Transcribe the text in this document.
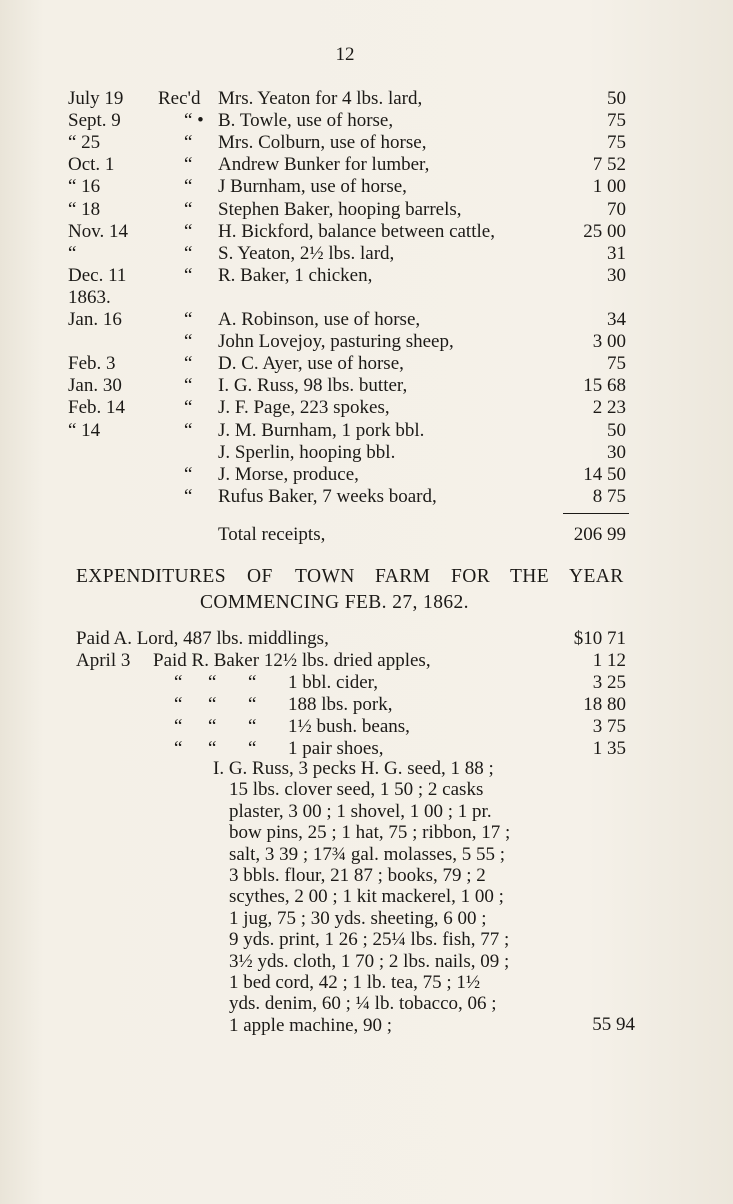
12
July 19 Rec'd Mrs. Yeaton for 4 lbs. lard,	50
Sept. 9	“ • B. Towle, use of horse,	75
“ 25	“ Mrs. Colburn, use of horse,	75
Oct. 1	“ Andrew Bunker for lumber,	7 52
“ 16	“ J Burnham, use of horse,	1 00
“ 18	“ Stephen Baker, hooping barrels,	70
Nov. 14	“ H. Bickford, balance between cattle,	25 00
“	“ S. Yeaton, 2½ lbs. lard,	31
Dec. 11	“ R. Baker, 1 chicken,	30
1863.
Jan. 16	“ A. Robinson, use of horse,	34
“ John Lovejoy, pasturing sheep,	3 00
Feb. 3	“ D. C. Ayer, use of horse,	75
Jan. 30	“ I. G. Russ, 98 lbs. butter,	15 68
Feb. 14	“ J. F. Page, 223 spokes,	2 23
“ 14	“ J. M. Burnham, 1 pork bbl.	50
J. Sperlin, hooping bbl.	30
“ J. Morse, produce,	14 50
“ Rufus Baker, 7 weeks board,	8 75
Total receipts,	206 99
EXPENDITURES OF TOWN FARM FOR THE YEAR
COMMENCING FEB. 27, 1862.
Paid A. Lord, 487 lbs. middlings,	$10 71
April 3 Paid R. Baker 12½ lbs. dried apples,	1 12
“ “ “ 1 bbl. cider,	3 25
“ “ “ 188 lbs. pork,	18 80
“ “ “ 1½ bush. beans,	3 75
“ “ “ 1 pair shoes,	1 35
I. G. Russ, 3 pecks H. G. seed, 1 88 ;
15 lbs. clover seed, 1 50 ; 2 casks
plaster, 3 00 ; 1 shovel, 1 00 ; 1 pr.
bow pins, 25 ; 1 hat, 75 ; ribbon, 17 ;
salt, 3 39 ; 17¾ gal. molasses, 5 55 ;
3 bbls. flour, 21 87 ; books, 79 ; 2
scythes, 2 00 ; 1 kit mackerel, 1 00 ;
1 jug, 75 ; 30 yds. sheeting, 6 00 ;
9 yds. print, 1 26 ; 25¼ lbs. fish, 77 ;
3½ yds. cloth, 1 70 ; 2 lbs. nails, 09 ;
1 bed cord, 42 ; 1 lb. tea, 75 ; 1½
yds. denim, 60 ; ¼ lb. tobacco, 06 ;
1 apple machine, 90 ;	55 94
